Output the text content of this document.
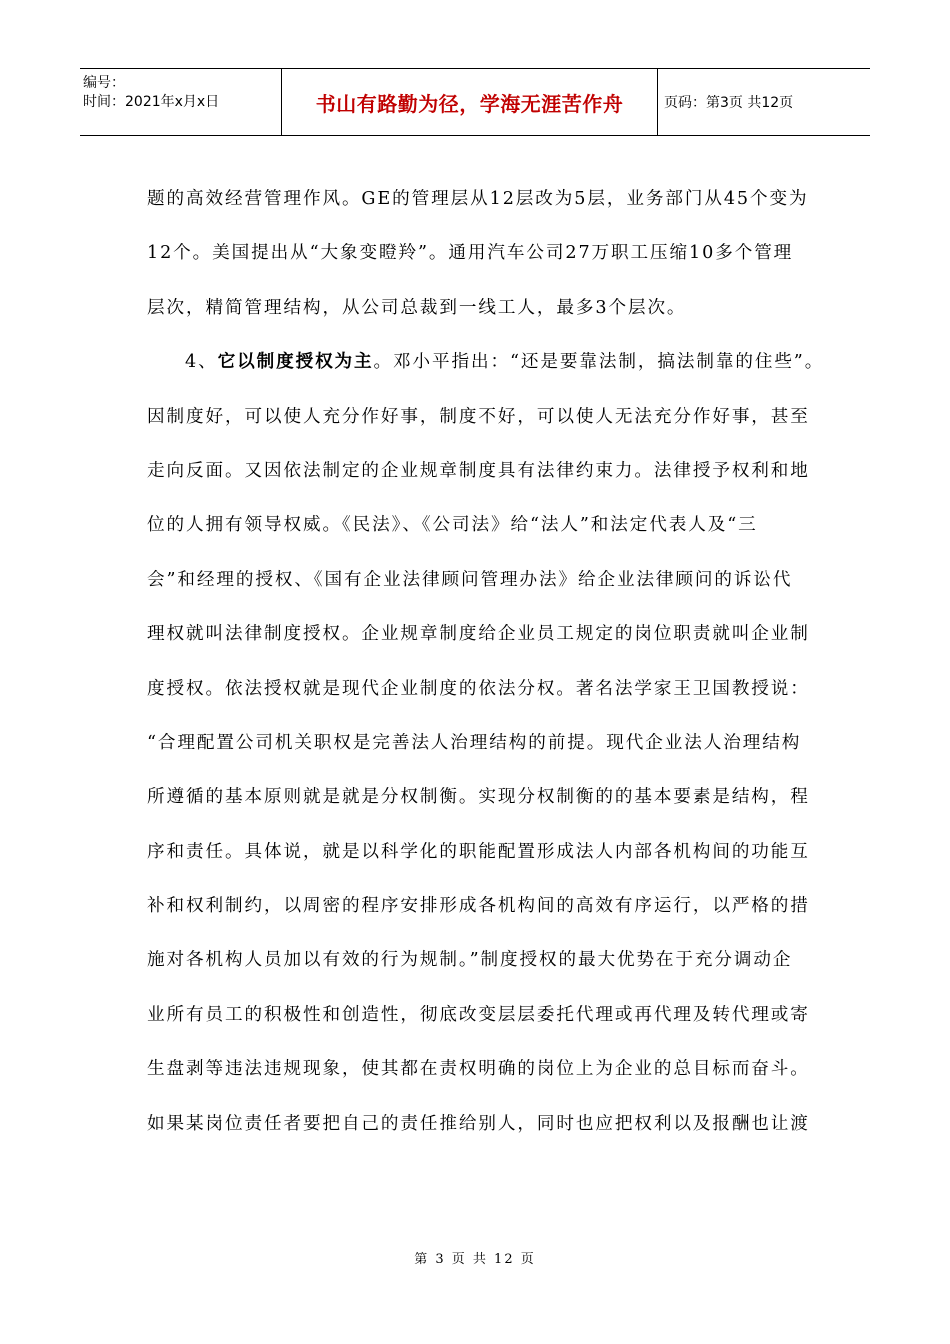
编号：
时间：2021年x月x日	书山有路勤为径，学海无涯苦作舟	页码：第3页 共12页
题的高效经营管理作风。GE的管理层从12层改为5层，业务部门从45个变为
12个。美国提出从“大象变瞪羚”。通用汽车公司27万职工压缩10多个管理
层次，精简管理结构，从公司总裁到一线工人，最多3个层次。
4、它以制度授权为主。邓小平指出：“还是要靠法制，搞法制靠的住些”。
因制度好，可以使人充分作好事，制度不好，可以使人无法充分作好事，甚至
走向反面。又因依法制定的企业规章制度具有法律约束力。法律授予权利和地
位的人拥有领导权威。《民法》、《公司法》给“法人”和法定代表人及“三
会”和经理的授权、《国有企业法律顾问管理办法》给企业法律顾问的诉讼代
理权就叫法律制度授权。企业规章制度给企业员工规定的岗位职责就叫企业制
度授权。依法授权就是现代企业制度的依法分权。著名法学家王卫国教授说：
“合理配置公司机关职权是完善法人治理结构的前提。现代企业法人治理结构
所遵循的基本原则就是就是分权制衡。实现分权制衡的的基本要素是结构，程
序和责任。具体说，就是以科学化的职能配置形成法人内部各机构间的功能互
补和权利制约，以周密的程序安排形成各机构间的高效有序运行，以严格的措
施对各机构人员加以有效的行为规制。”制度授权的最大优势在于充分调动企
业所有员工的积极性和创造性，彻底改变层层委托代理或再代理及转代理或寄
生盘剥等违法违规现象，使其都在责权明确的岗位上为企业的总目标而奋斗。
如果某岗位责任者要把自己的责任推给别人，同时也应把权利以及报酬也让渡
第 3 页 共 12 页
